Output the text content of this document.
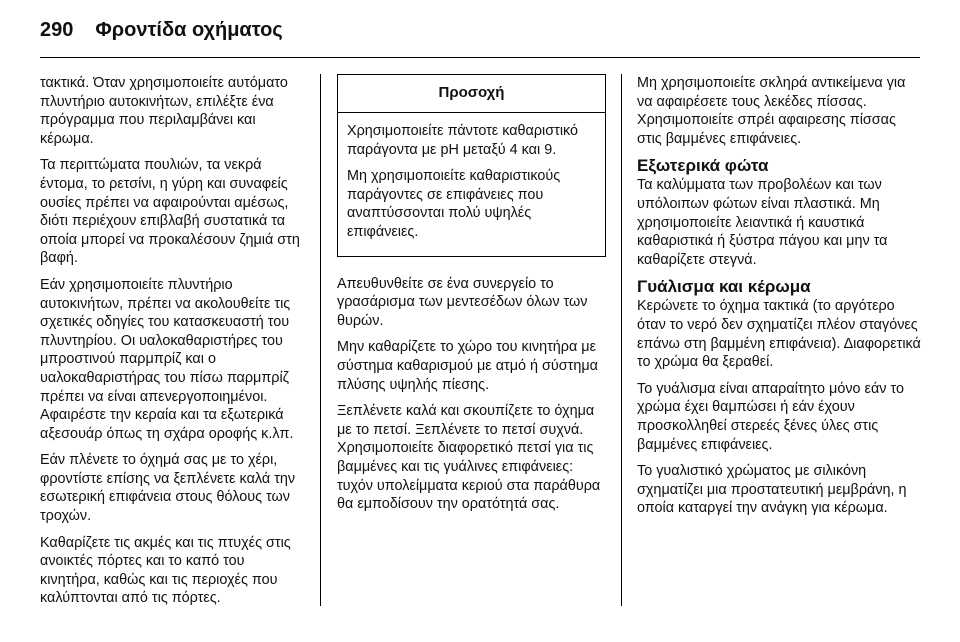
290 Φροντίδα οχήματος

τακτικά. Όταν χρησιμοποιείτε αυτόματο πλυντήριο αυτοκινήτων, επιλέξτε ένα πρόγραμμα που περιλαμβάνει και κέρωμα.

Τα περιττώματα πουλιών, τα νεκρά έντομα, το ρετσίνι, η γύρη και συναφείς ουσίες πρέπει να αφαιρούνται αμέσως, διότι περιέχουν επιβλαβή συστατικά τα οποία μπορεί να προκαλέσουν ζημιά στη βαφή.

Εάν χρησιμοποιείτε πλυντήριο αυτοκινήτων, πρέπει να ακολουθείτε τις σχετικές οδηγίες του κατασκευαστή του πλυντηρίου. Οι υαλοκαθαριστήρες του μπροστινού παρμπρίζ και ο υαλοκαθαριστήρας του πίσω παρμπρίζ πρέπει να είναι απενεργοποιημένοι. Αφαιρέστε την κεραία και τα εξωτερικά αξεσουάρ όπως τη σχάρα οροφής κ.λπ.

Εάν πλένετε το όχημά σας με το χέρι, φροντίστε επίσης να ξεπλένετε καλά την εσωτερική επιφάνεια στους θόλους των τροχών.

Καθαρίζετε τις ακμές και τις πτυχές στις ανοικτές πόρτες και το καπό του κινητήρα, καθώς και τις περιοχές που καλύπτονται από τις πόρτες.

Προσοχή

Χρησιμοποιείτε πάντοτε καθαριστικό παράγοντα με pH μεταξύ 4 και 9.

Μη χρησιμοποιείτε καθαριστικούς παράγοντες σε επιφάνειες που αναπτύσσονται πολύ υψηλές επιφάνειες.

Απευθυνθείτε σε ένα συνεργείο το γρασάρισμα των μεντεσέδων όλων των θυρών.

Μην καθαρίζετε το χώρο του κινητήρα με σύστημα καθαρισμού με ατμό ή σύστημα πλύσης υψηλής πίεσης.

Ξεπλένετε καλά και σκουπίζετε το όχημα με το πετσί. Ξεπλένετε το πετσί συχνά. Χρησιμοποιείτε διαφορετικό πετσί για τις βαμμένες και τις γυάλινες επιφάνειες: τυχόν υπολείμματα κεριού στα παράθυρα θα εμποδίσουν την ορατότητά σας.

Μη χρησιμοποιείτε σκληρά αντικείμενα για να αφαιρέσετε τους λεκέδες πίσσας. Χρησιμοποιείτε σπρέι αφαιρεσης πίσσας στις βαμμένες επιφάνειες.

Εξωτερικά φώτα

Τα καλύμματα των προβολέων και των υπόλοιπων φώτων είναι πλαστικά. Μη χρησιμοποιείτε λειαντικά ή καυστικά καθαριστικά ή ξύστρα πάγου και μην τα καθαρίζετε στεγνά.

Γυάλισμα και κέρωμα

Κερώνετε το όχημα τακτικά (το αργότερο όταν το νερό δεν σχηματίζει πλέον σταγόνες επάνω στη βαμμένη επιφάνεια). Διαφορετικά το χρώμα θα ξεραθεί.

Το γυάλισμα είναι απαραίτητο μόνο εάν το χρώμα έχει θαμπώσει ή εάν έχουν προσκολληθεί στερεές ξένες ύλες στις βαμμένες επιφάνειες.

Το γυαλιστικό χρώματος με σιλικόνη σχηματίζει μια προστατευτική μεμβράνη, η οποία καταργεί την ανάγκη για κέρωμα.
